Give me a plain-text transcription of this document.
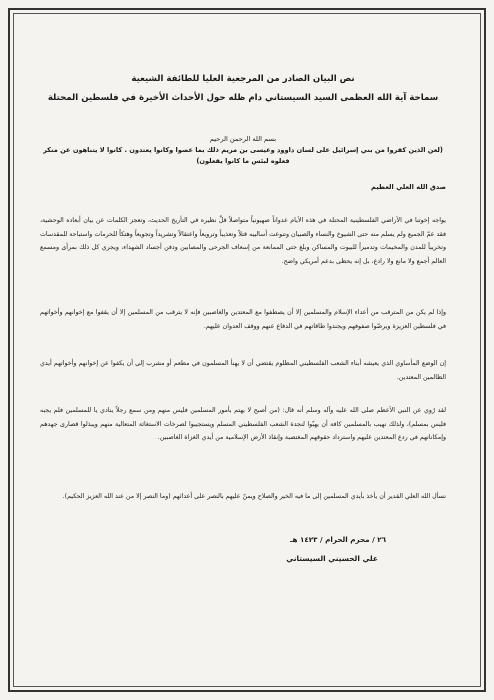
نص البيان الصادر من المرجعية العليا للطائفة الشيعية
سماحة آية الله العظمى السيد السيستاني دام ظله حول الأحداث الأخيرة في فلسطين المحتلة
بسم الله الرحمن الرحيم
(لعن الذين كفروا من بني إسرائيل على لسان داوود وعيسى بن مريم ذلك بما عصوا وكانوا يعتدون . كانوا لا يتناهون عن منكر فعلوه لبئس ما كانوا يفعلون)
صدق الله العلي العظيم
يواجه إخوتنا في الأراضي الفلسطينية المحتلة في هذه الأيام عدواناً صهيونياً متواصلاً قلَّ نظيره في التأريخ الحديث، وتعجز الكلمات عن بيان أبعاده الوحشية، فقد عمّ الجميع ولم يسلم منه حتى الشيوخ والنساء والصبيان وتنوعت أساليبه قتلاً وتعذيباً وترويعاً واعتقالاً وتشريداً وتجويعاً وهتكاً للحرمات واستباحة للمقدسات وتخريباً للمدن والمخيمات وتدميراً للبيوت والمساكن وبلغ حتى الممانعة من إسعاف الجرحى والمصابين ودفن أجساد الشهداء، ويجري كل ذلك بمرأى ومسمع العالم أجمع ولا مانع ولا رادع، بل إنه يحظى بدعم أمريكي واضح.
وإذا لم يكن من المترقب من أعداء الإسلام والمسلمين إلا أن يصطفوا مع المعتدين والغاصبين فإنه لا يترقب من المسلمين إلا أن يقفوا مع إخوانهم وأخواتهم في فلسطين العزيزة ويرصّوا صفوفهم ويجندوا طاقاتهم في الدفاع عنهم ووقف العدوان عليهم.
إن الوضع المأساوي الذي يعيشه أبناء الشعب الفلسطيني المظلوم يقتضي أن لا يهنأ المسلمون في مطعم أو مشرب إلى أن يكفوا عن إخوانهم وأخواتهم أيدي الظالمين المعتدين.
لقد رُوي عن النبي الأعظم صلى الله عليه وآله وسلم أنه قال: (من أصبح لا يهتم بأمور المسلمين فليس منهم ومن سمع رجلاً ينادي يا للمسلمين فلم يجبه فليس بمسلم)، ولذلك نهيب بالمسلمين كافة أن يهبّوا لنجدة الشعب الفلسطيني المسلم ويستجيبوا لصرخات الاستغاثة المتعالية منهم ويبذلوا قصارى جهدهم وإمكاناتهم في ردع المعتدين عليهم واسترداد حقوقهم المغتصبة وإنقاذ الأرض الإسلامية من أيدي الغزاة الغاصبين.
نسأل الله العلي القدير أن يأخذ بأيدي المسلمين إلى ما فيه الخير والصلاح ويمنّ عليهم بالنصر على أعدائهم (وما النصر إلا من عند الله العزيز الحكيم).
٢٦ / محرم الحرام / ١٤٢٣ هـ
علي الحسيني السيستاني
